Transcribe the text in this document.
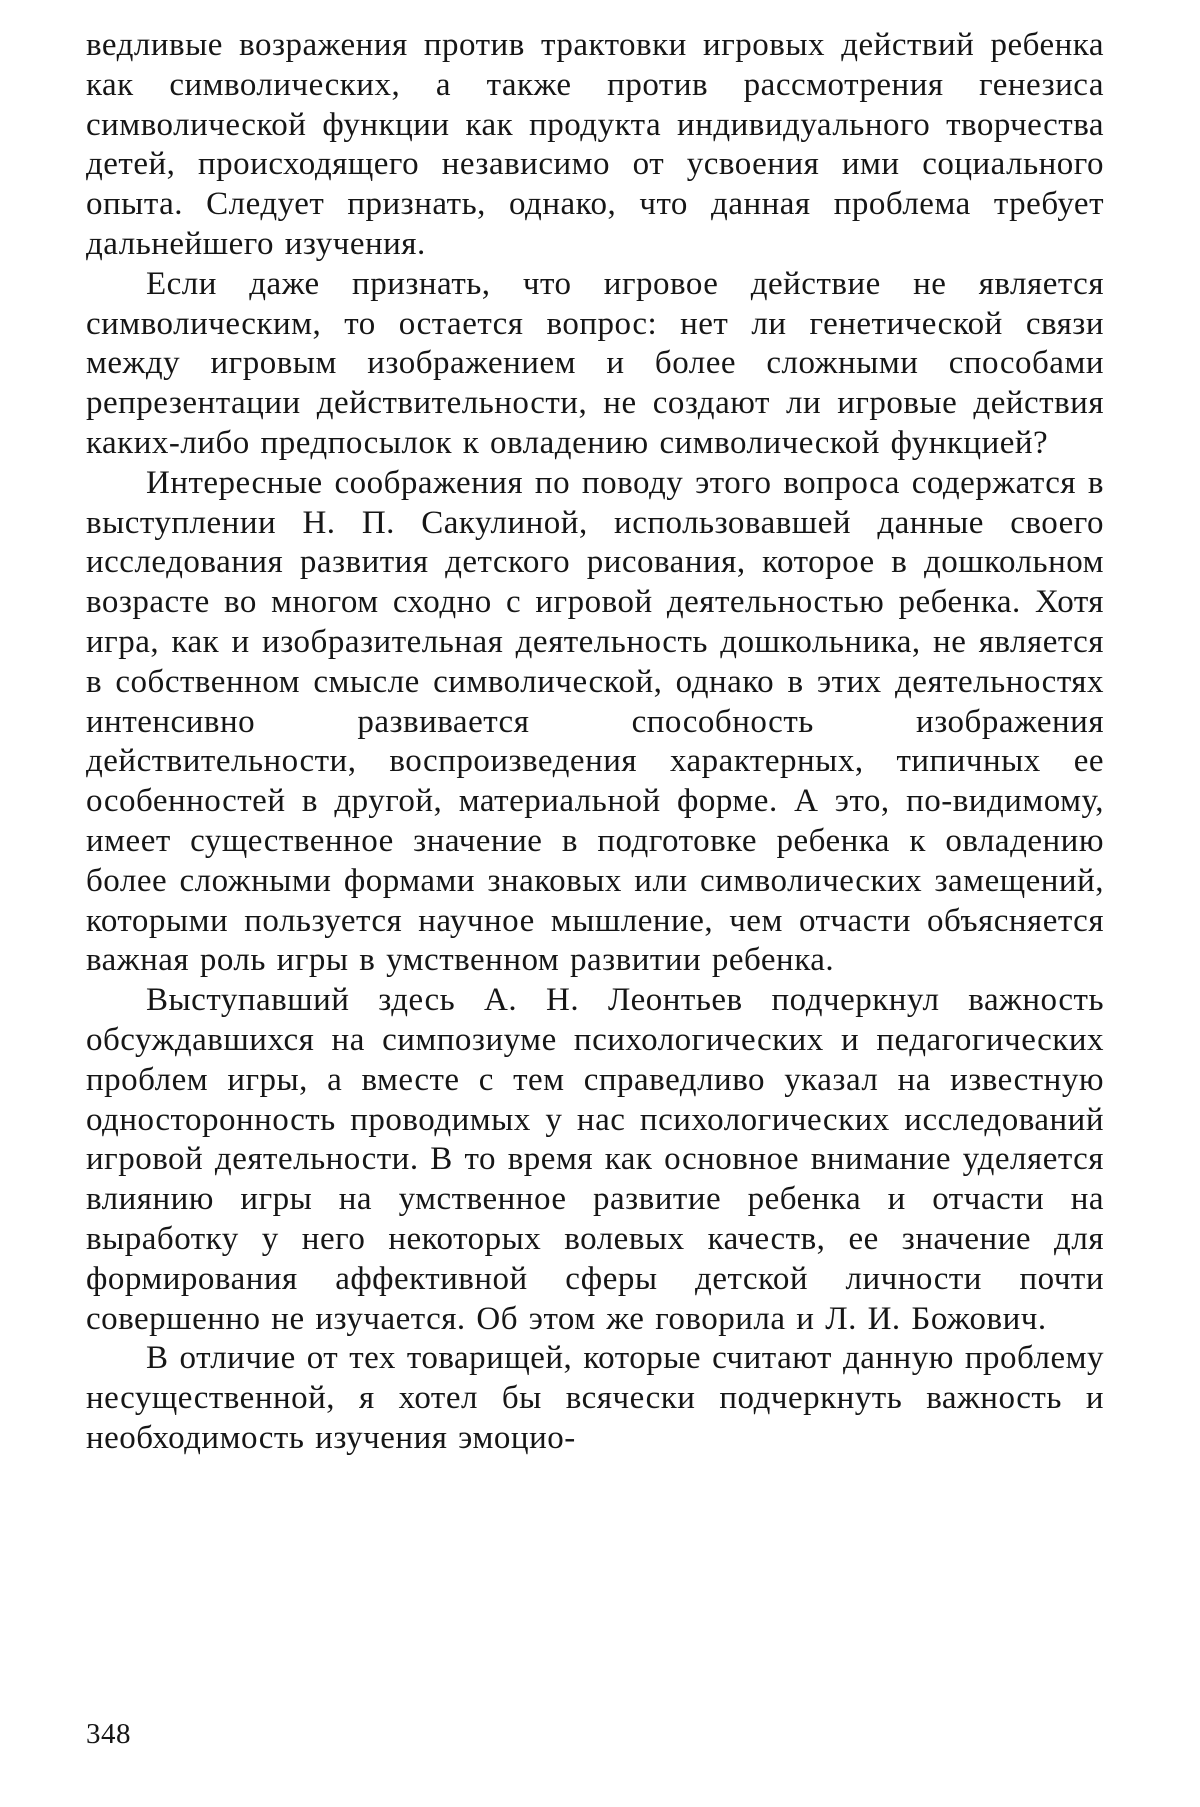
ведливые возражения против трактовки игровых действий ребенка как символических, а также против рассмотрения генезиса символической функции как продукта индивидуального творчества детей, происходящего независимо от усвоения ими социального опыта. Следует признать, однако, что данная проблема требует дальнейшего изучения.

Если даже признать, что игровое действие не является символическим, то остается вопрос: нет ли генетической связи между игровым изображением и более сложными способами репрезентации действительности, не создают ли игровые действия каких-либо предпосылок к овладению символической функцией?

Интересные соображения по поводу этого вопроса содержатся в выступлении Н. П. Сакулиной, использовавшей данные своего исследования развития детского рисования, которое в дошкольном возрасте во многом сходно с игровой деятельностью ребенка. Хотя игра, как и изобразительная деятельность дошкольника, не является в собственном смысле символической, однако в этих деятельностях интенсивно развивается способность изображения действительности, воспроизведения характерных, типичных ее особенностей в другой, материальной форме. А это, по-видимому, имеет существенное значение в подготовке ребенка к овладению более сложными формами знаковых или символических замещений, которыми пользуется научное мышление, чем отчасти объясняется важная роль игры в умственном развитии ребенка.

Выступавший здесь А. Н. Леонтьев подчеркнул важность обсуждавшихся на симпозиуме психологических и педагогических проблем игры, а вместе с тем справедливо указал на известную односторонность проводимых у нас психологических исследований игровой деятельности. В то время как основное внимание уделяется влиянию игры на умственное развитие ребенка и отчасти на выработку у него некоторых волевых качеств, ее значение для формирования аффективной сферы детской личности почти совершенно не изучается. Об этом же говорила и Л. И. Божович.

В отличие от тех товарищей, которые считают данную проблему несущественной, я хотел бы всячески подчеркнуть важность и необходимость изучения эмоцио-

348
